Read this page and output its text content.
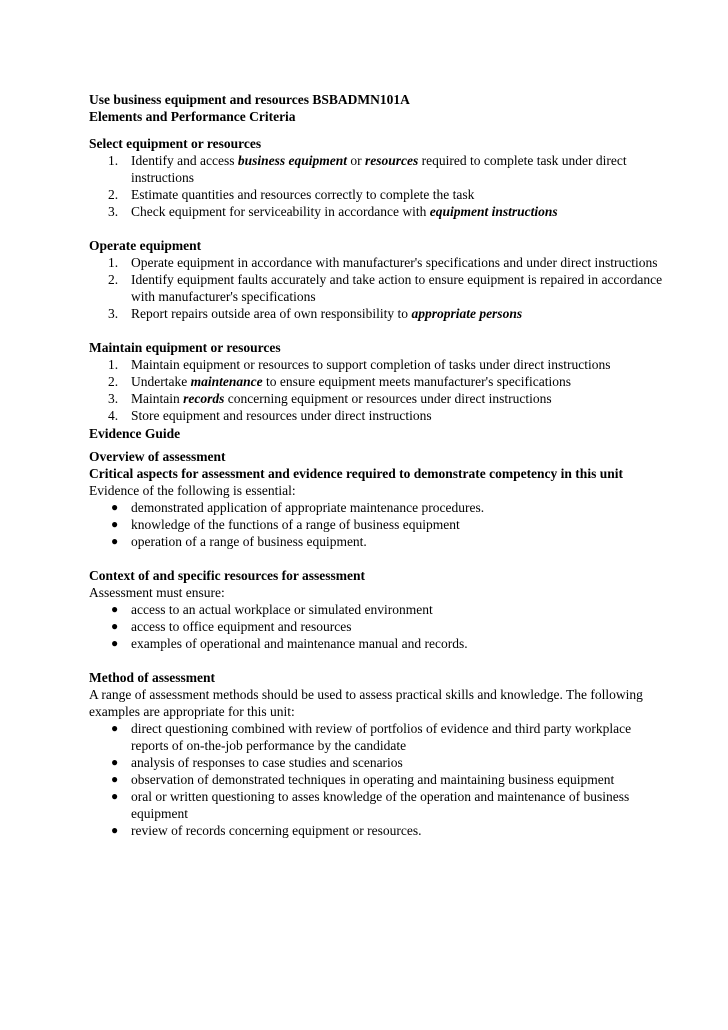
Use business equipment and resources BSBADMN101A
Elements and Performance Criteria
Select equipment or resources
1. Identify and access business equipment or resources required to complete task under direct instructions
2. Estimate quantities and resources correctly to complete the task
3. Check equipment for serviceability in accordance with equipment instructions
Operate equipment
1. Operate equipment in accordance with manufacturer's specifications and under direct instructions
2. Identify equipment faults accurately and take action to ensure equipment is repaired in accordance with manufacturer's specifications
3. Report repairs outside area of own responsibility to appropriate persons
Maintain equipment or resources
1. Maintain equipment or resources to support completion of tasks under direct instructions
2. Undertake maintenance to ensure equipment meets manufacturer's specifications
3. Maintain records concerning equipment or resources under direct instructions
4. Store equipment and resources under direct instructions
Evidence Guide
Overview of assessment
Critical aspects for assessment and evidence required to demonstrate competency in this unit
Evidence of the following is essential:
● demonstrated application of appropriate maintenance procedures.
● knowledge of the functions of a range of business equipment
● operation of a range of business equipment.
Context of and specific resources for assessment
Assessment must ensure:
● access to an actual workplace or simulated environment
● access to office equipment and resources
● examples of operational and maintenance manual and records.
Method of assessment
A range of assessment methods should be used to assess practical skills and knowledge. The following examples are appropriate for this unit:
● direct questioning combined with review of portfolios of evidence and third party workplace reports of on-the-job performance by the candidate
● analysis of responses to case studies and scenarios
● observation of demonstrated techniques in operating and maintaining business equipment
● oral or written questioning to asses knowledge of the operation and maintenance of business equipment
● review of records concerning equipment or resources.
